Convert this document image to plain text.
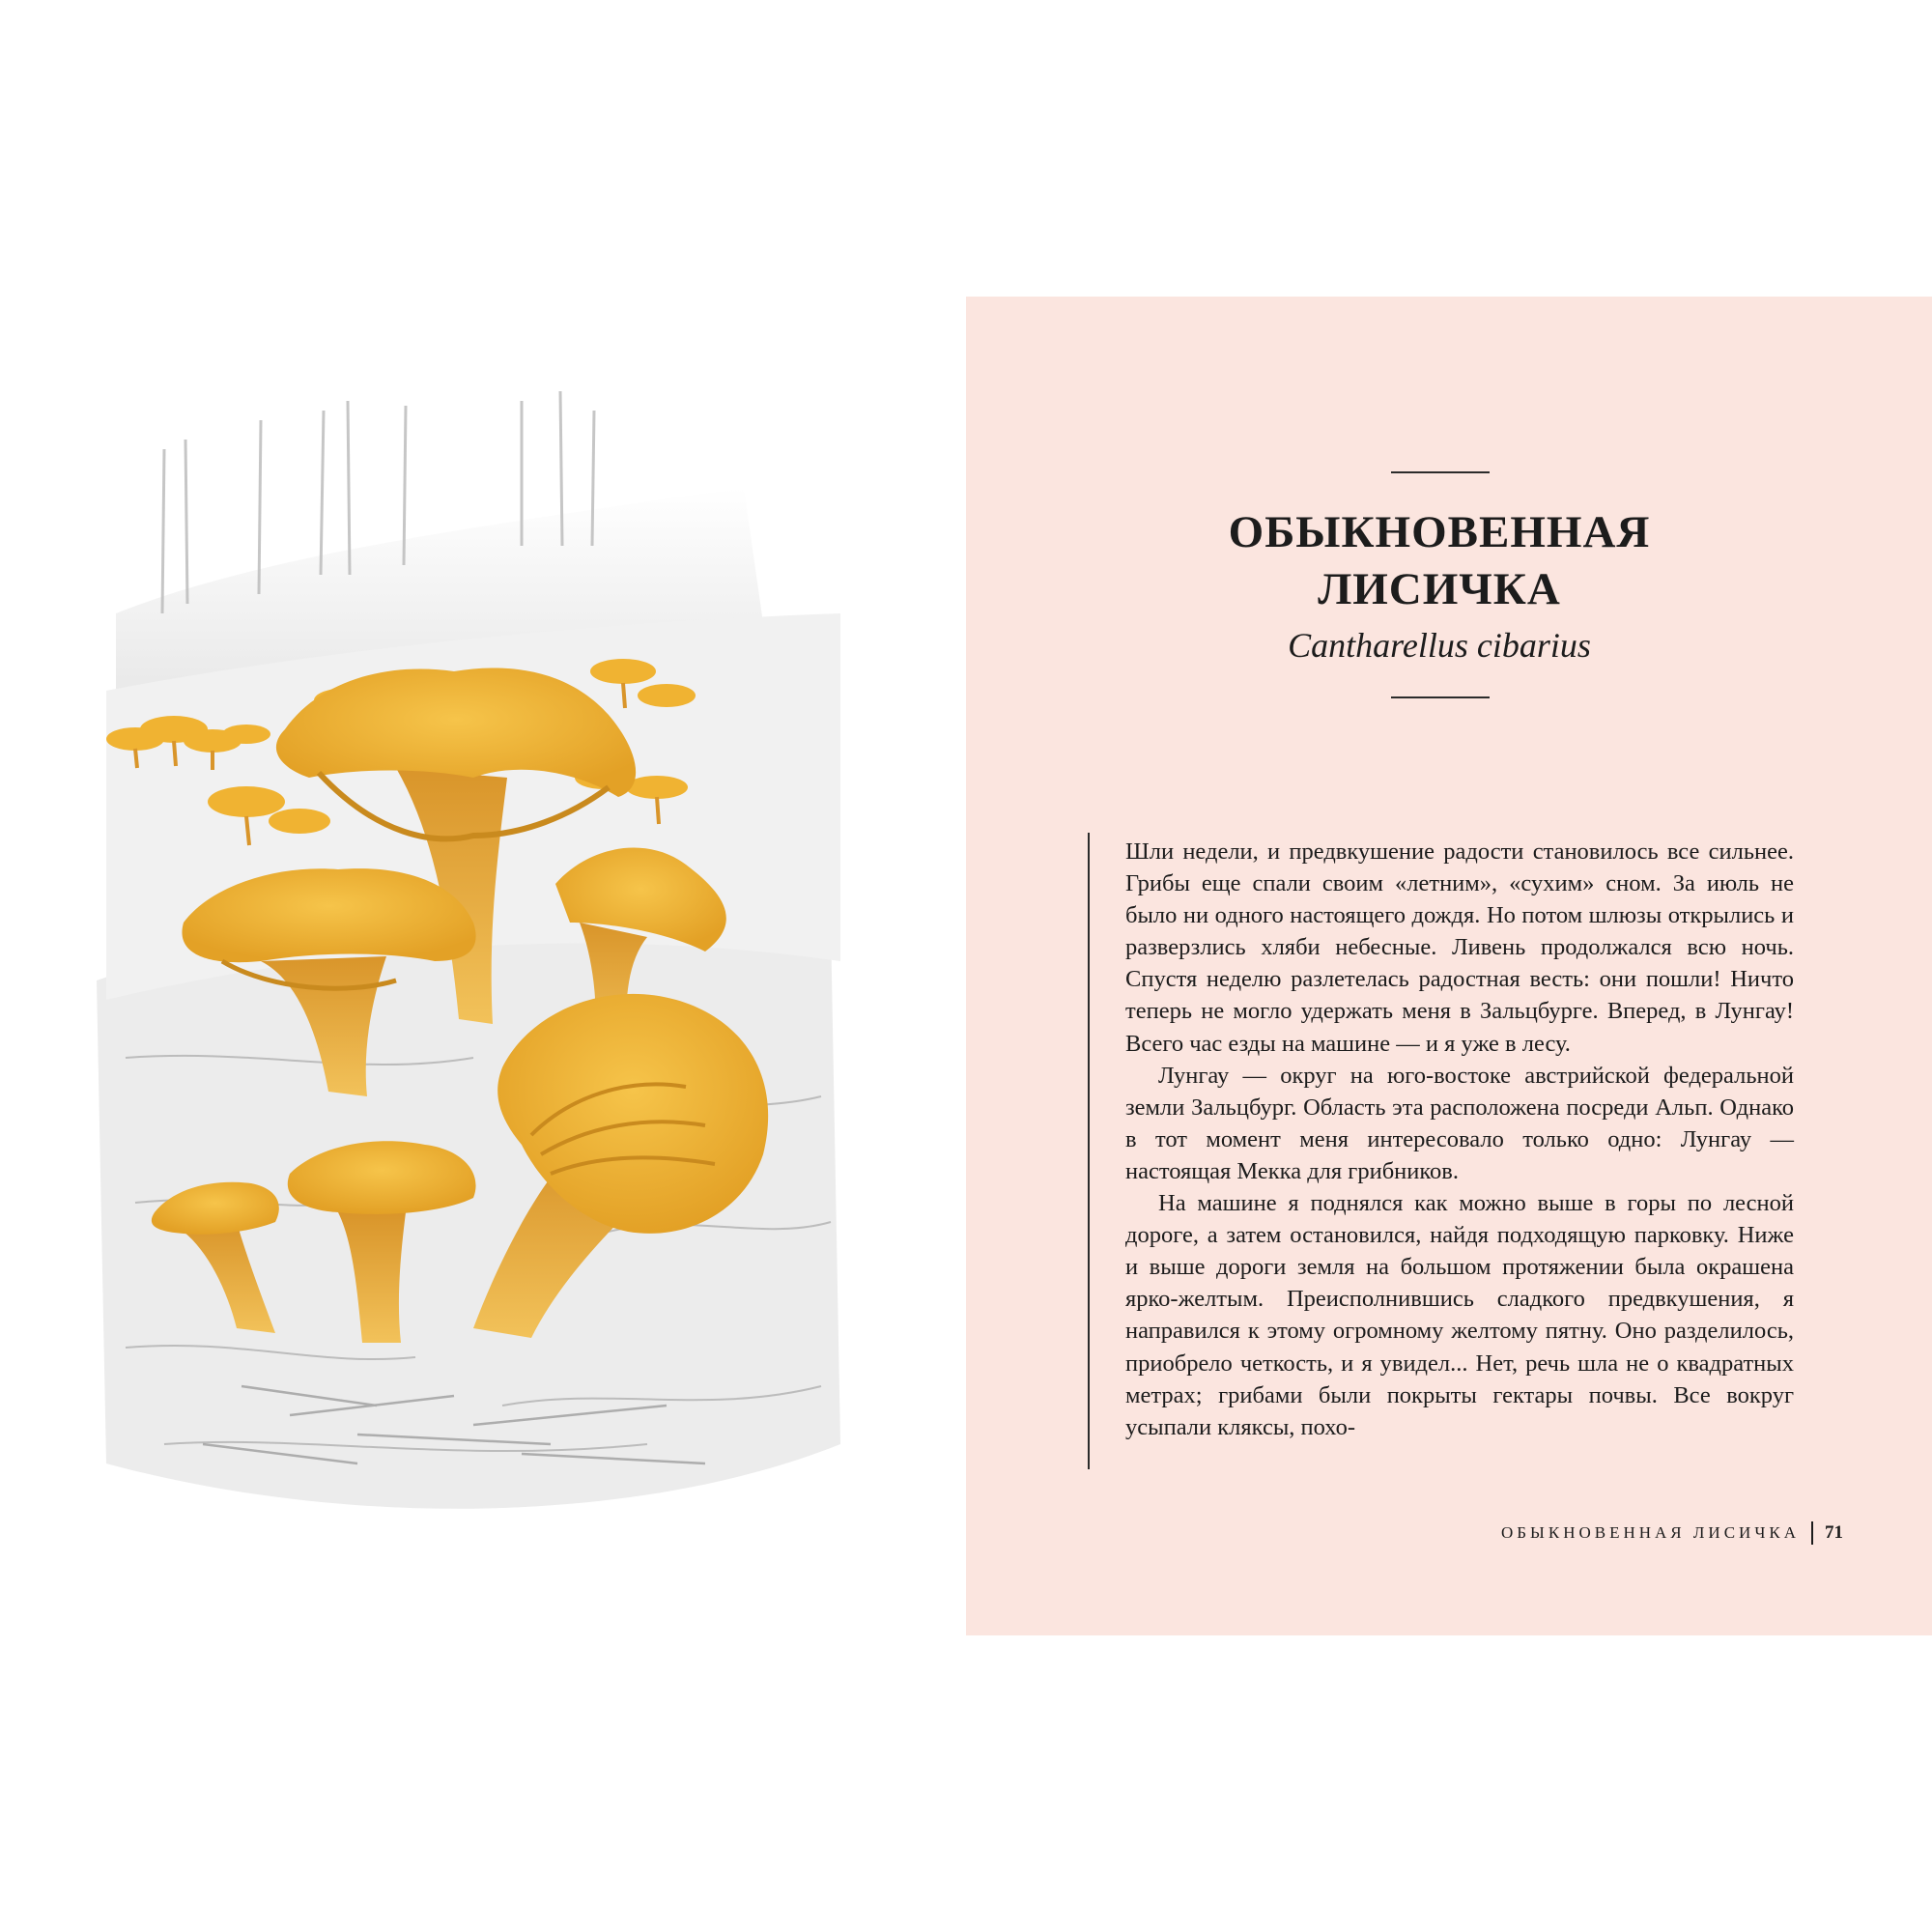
ОБЫКНОВЕННАЯ
ЛИСИЧКА
Cantharellus cibarius

Шли недели, и предвкушение радости становилось все сильнее. Грибы еще спали своим «летним», «сухим» сном. За июль не было ни одного настоящего дождя. Но потом шлюзы открылись и разверзлись хляби небесные. Ливень продолжался всю ночь. Спустя неделю разлетелась радостная весть: они пошли! Ничто теперь не могло удержать меня в Зальцбурге. Вперед, в Лунгау! Всего час езды на машине — и я уже в лесу.

Лунгау — округ на юго-востоке австрийской федеральной земли Зальцбург. Область эта расположена посреди Альп. Однако в тот момент меня интересовало только одно: Лунгау — настоящая Мекка для грибников.

На машине я поднялся как можно выше в горы по лесной дороге, а затем остановился, найдя подходящую парковку. Ниже и выше дороги земля на большом протяжении была окрашена ярко-желтым. Преисполнившись сладкого предвкушения, я направился к этому огромному желтому пятну. Оно разделилось, приобрело четкость, и я увидел... Нет, речь шла не о квадратных метрах; грибами были покрыты гектары почвы. Все вокруг усыпали кляксы, похо-

ОБЫКНОВЕННАЯ ЛИСИЧКА 71
